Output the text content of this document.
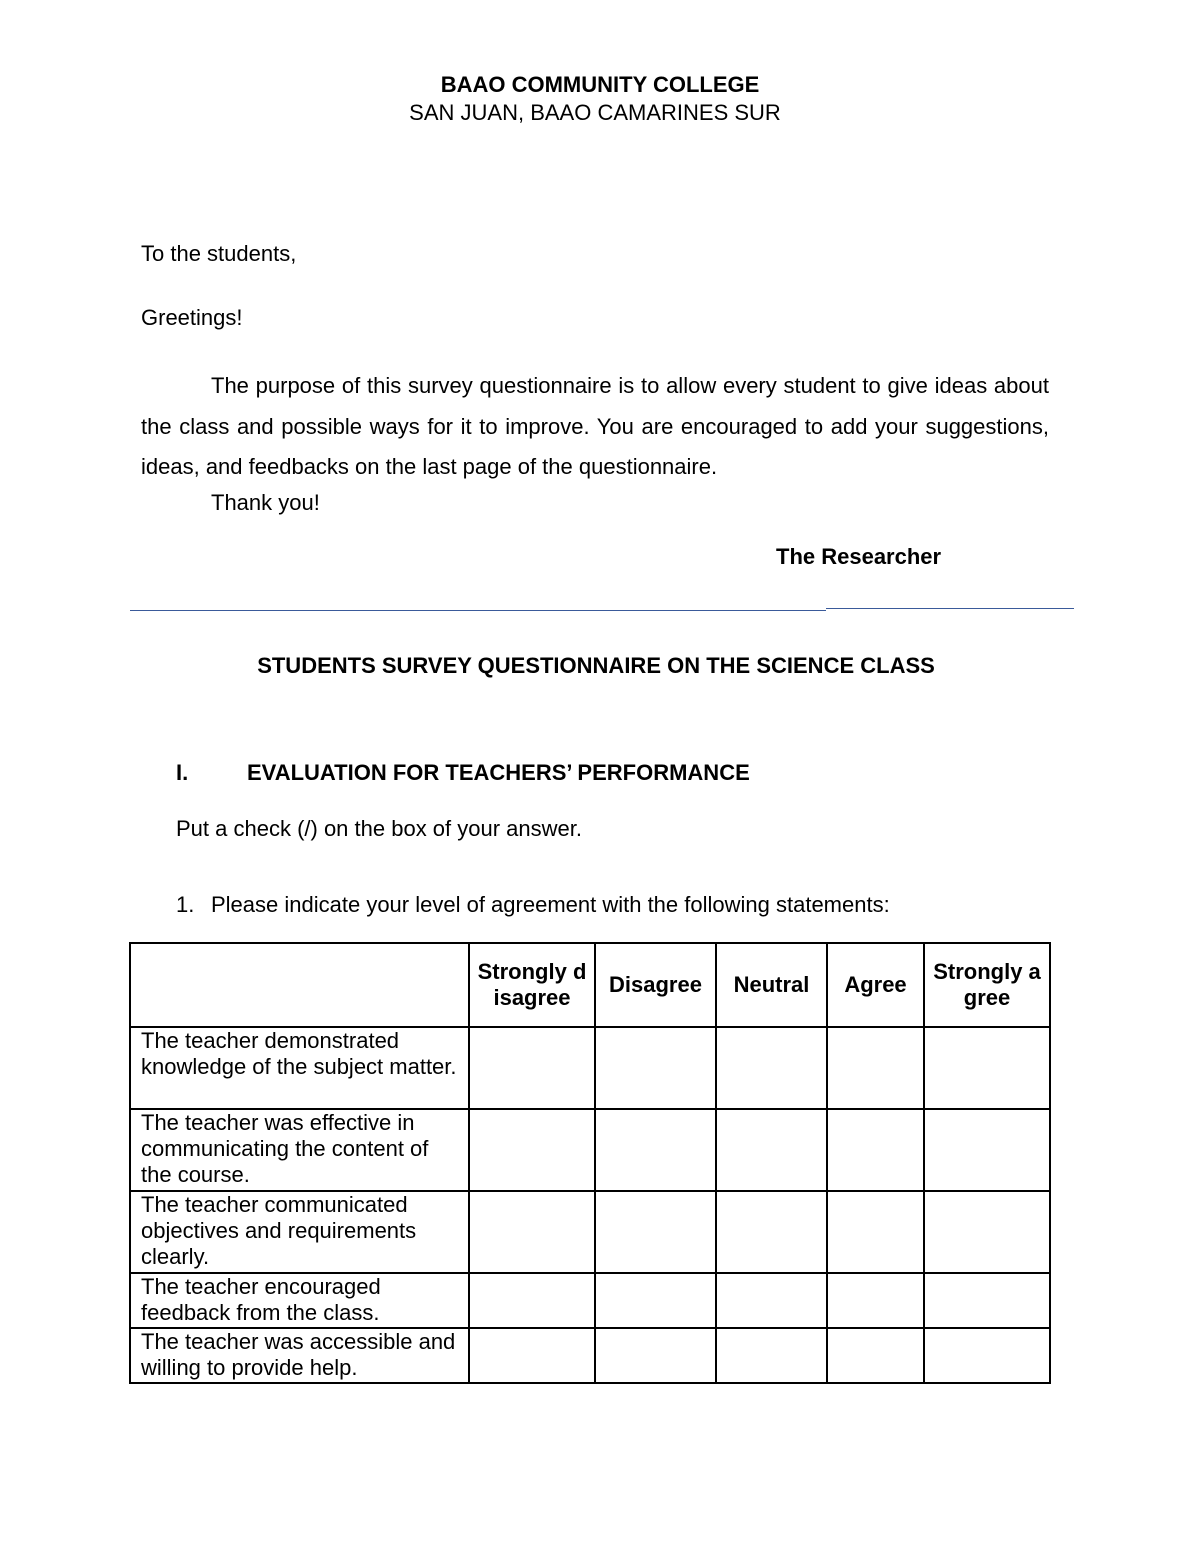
BAAO COMMUNITY COLLEGE
SAN JUAN, BAAO CAMARINES SUR
To the students,
Greetings!
The purpose of this survey questionnaire is to allow every student to give ideas about the class and possible ways for it to improve. You are encouraged to add your suggestions, ideas, and feedbacks on the last page of the questionnaire.
Thank you!
The Researcher
STUDENTS SURVEY QUESTIONNAIRE ON THE SCIENCE CLASS
I.	EVALUATION FOR TEACHERS’ PERFORMANCE
Put a check (/) on the box of your answer.
1. Please indicate your level of agreement with the following statements:
	Strongly disagree	Disagree	Neutral	Agree	Strongly agree
The teacher demonstrated knowledge of the subject matter.					
The teacher was effective in communicating the content of the course.					
The teacher communicated objectives and requirements clearly.					
The teacher encouraged feedback from the class.					
The teacher was accessible and willing to provide help.					
